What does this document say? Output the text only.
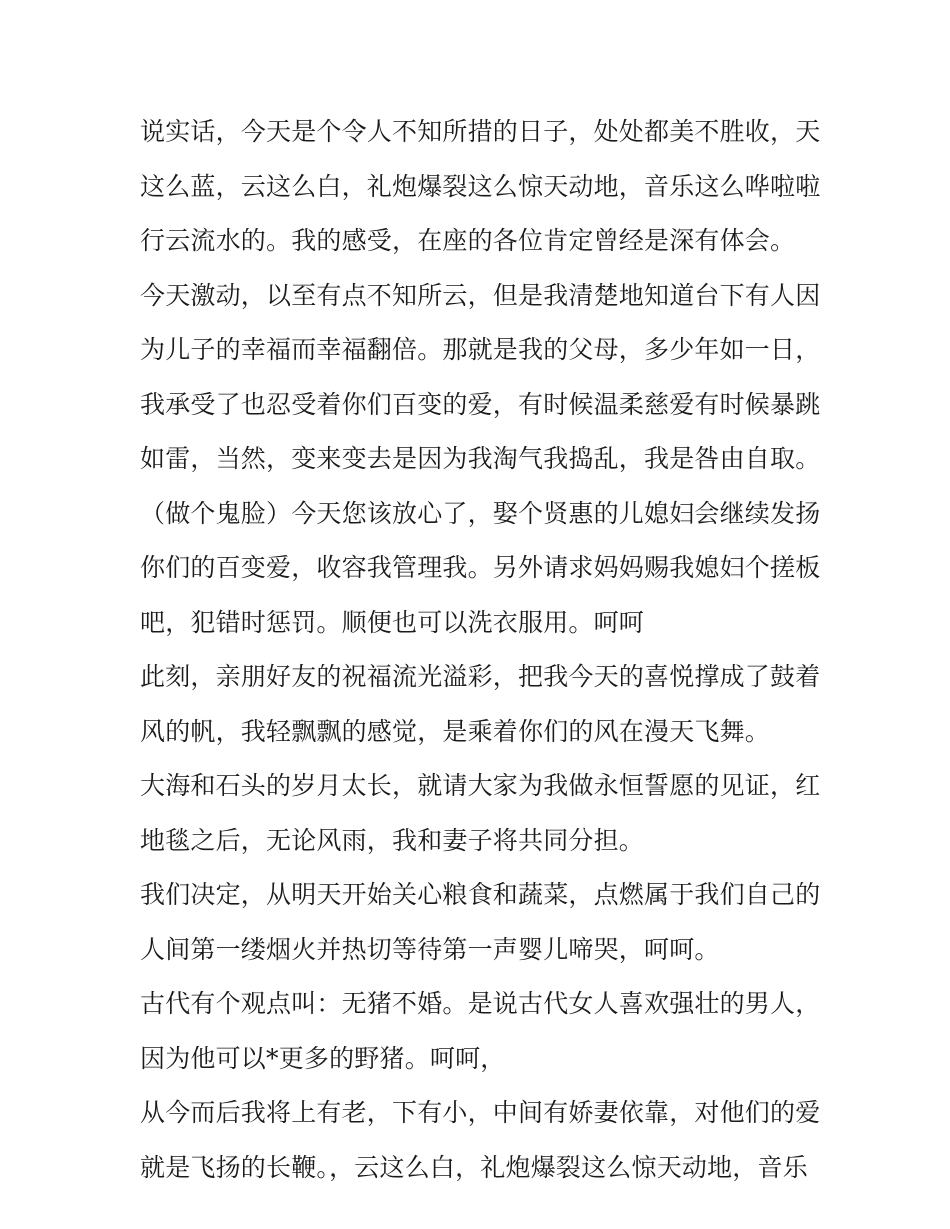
说实话，今天是个令人不知所措的日子，处处都美不胜收，天
这么蓝，云这么白，礼炮爆裂这么惊天动地，音乐这么哗啦啦
行云流水的。我的感受，在座的各位肯定曾经是深有体会。
今天激动，以至有点不知所云，但是我清楚地知道台下有人因
为儿子的幸福而幸福翻倍。那就是我的父母，多少年如一日，
我承受了也忍受着你们百变的爱，有时候温柔慈爱有时候暴跳
如雷，当然，变来变去是因为我淘气我捣乱，我是咎由自取。
（做个鬼脸）今天您该放心了，娶个贤惠的儿媳妇会继续发扬
你们的百变爱，收容我管理我。另外请求妈妈赐我媳妇个搓板
吧，犯错时惩罚。顺便也可以洗衣服用。呵呵
此刻，亲朋好友的祝福流光溢彩，把我今天的喜悦撑成了鼓着
风的帆，我轻飘飘的感觉，是乘着你们的风在漫天飞舞。
大海和石头的岁月太长，就请大家为我做永恒誓愿的见证，红
地毯之后，无论风雨，我和妻子将共同分担。
我们决定，从明天开始关心粮食和蔬菜，点燃属于我们自己的
人间第一缕烟火并热切等待第一声婴儿啼哭，呵呵。
古代有个观点叫：无猪不婚。是说古代女人喜欢强壮的男人，
因为他可以*更多的野猪。呵呵，
从今而后我将上有老，下有小，中间有娇妻依靠，对他们的爱
就是飞扬的长鞭。，云这么白，礼炮爆裂这么惊天动地，音乐
